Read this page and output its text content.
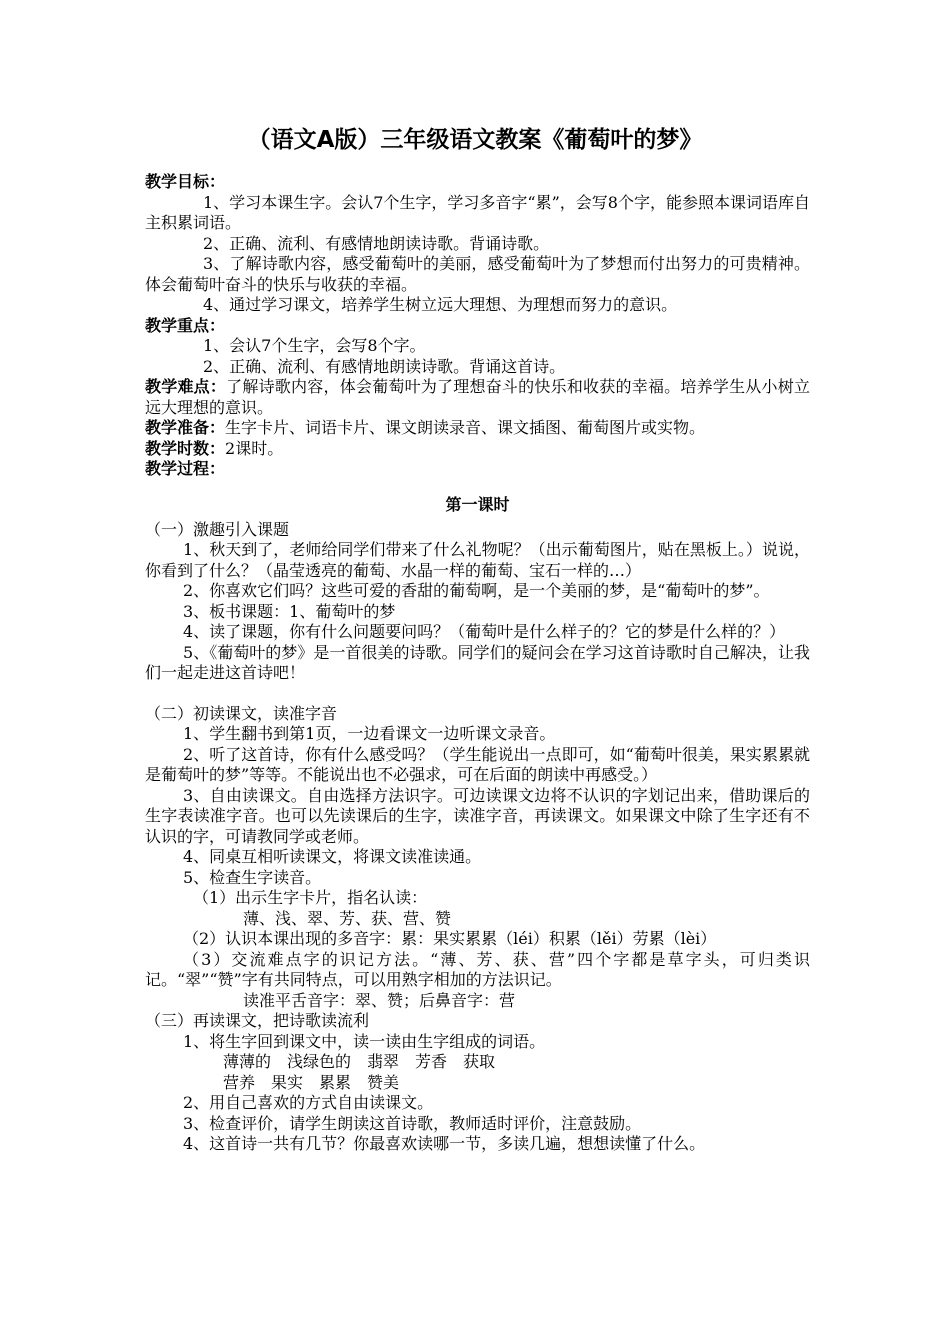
（语文A版）三年级语文教案《葡萄叶的梦》

教学目标：

1、学习本课生字。会认7个生字，学习多音字“累”，会写8个字，能参照本课词语库自主积累词语。

2、正确、流利、有感情地朗读诗歌。背诵诗歌。

3、了解诗歌内容，感受葡萄叶的美丽，感受葡萄叶为了梦想而付出努力的可贵精神。体会葡萄叶奋斗的快乐与收获的幸福。

4、通过学习课文，培养学生树立远大理想、为理想而努力的意识。

教学重点：

1、会认7个生字，会写8个字。

2、正确、流利、有感情地朗读诗歌。背诵这首诗。

教学难点：了解诗歌内容，体会葡萄叶为了理想奋斗的快乐和收获的幸福。培养学生从小树立远大理想的意识。

教学准备：生字卡片、词语卡片、课文朗读录音、课文插图、葡萄图片或实物。

教学时数：2课时。

教学过程：

第一课时

（一）激趣引入课题

1、秋天到了，老师给同学们带来了什么礼物呢？（出示葡萄图片，贴在黑板上。）说说，你看到了什么？（晶莹透亮的葡萄、水晶一样的葡萄、宝石一样的…）

2、你喜欢它们吗？这些可爱的香甜的葡萄啊，是一个美丽的梦，是“葡萄叶的梦”。

3、板书课题：1、葡萄叶的梦

4、读了课题，你有什么问题要问吗？（葡萄叶是什么样子的？它的梦是什么样的？）

5、《葡萄叶的梦》是一首很美的诗歌。同学们的疑问会在学习这首诗歌时自己解决，让我们一起走进这首诗吧！

（二）初读课文，读准字音

1、学生翻书到第1页，一边看课文一边听课文录音。

2、听了这首诗，你有什么感受吗？（学生能说出一点即可，如“葡萄叶很美，果实累累就是葡萄叶的梦”等等。不能说出也不必强求，可在后面的朗读中再感受。）

3、自由读课文。自由选择方法识字。可边读课文边将不认识的字划记出来，借助课后的生字表读准字音。也可以先读课后的生字，读准字音，再读课文。如果课文中除了生字还有不认识的字，可请教同学或老师。

4、同桌互相听读课文，将课文读准读通。

5、检查生字读音。

（1）出示生字卡片，指名认读：

薄、浅、翠、芳、获、营、赞

（2）认识本课出现的多音字：累：果实累累（léi）积累（lěi）劳累（lèi）

（3）交流难点字的识记方法。“薄、芳、获、营”四个字都是草字头，可归类识记。“翠”“赞”字有共同特点，可以用熟字相加的方法识记。

读准平舌音字：翠、赞；后鼻音字：营

（三）再读课文，把诗歌读流利

1、将生字回到课文中，读一读由生字组成的词语。

薄薄的　浅绿色的　翡翠　芳香　获取

营养　果实　累累　赞美

2、用自己喜欢的方式自由读课文。

3、检查评价，请学生朗读这首诗歌，教师适时评价，注意鼓励。

4、这首诗一共有几节？你最喜欢读哪一节，多读几遍，想想读懂了什么。
